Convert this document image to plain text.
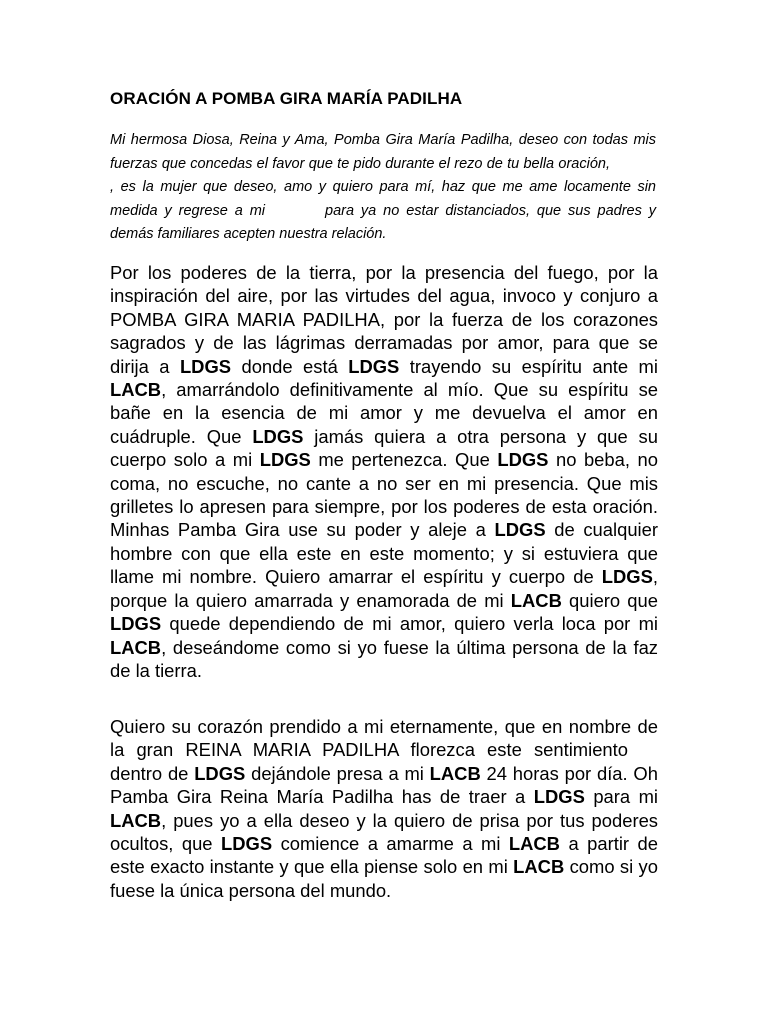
ORACIÓN A POMBA GIRA MARÍA PADILHA

Mi hermosa Diosa, Reina y Ama, Pomba Gira María Padilha, deseo con todas mis fuerzas que concedas el favor que te pido durante el rezo de tu bella oración,, es la mujer que deseo, amo y quiero para mí, haz que me ame locamente sin medida y regrese a mi	para ya no estar distanciados, que sus padres y demás familiares acepten nuestra relación.

Por los poderes de la tierra, por la presencia del fuego, por la inspiración del aire, por las virtudes del agua, invoco y conjuro a POMBA GIRA MARIA PADILHA, por la fuerza de los corazones sagrados y de las lágrimas derramadas por amor, para que se dirija a LDGS donde está LDGS trayendo su espíritu ante mi LACB, amarrándolo definitivamente al mío. Que su espíritu se bañe en la esencia de mi amor y me devuelva el amor en cuádruple. Que LDGS jamás quiera a otra persona y que su cuerpo solo a mi LDGS me pertenezca. Que LDGS no beba, no coma, no escuche, no cante a no ser en mi presencia. Que mis grilletes lo apresen para siempre, por los poderes de esta oración. Minhas Pamba Gira use su poder y aleje a LDGS de cualquier hombre con que ella este en este momento; y si estuviera que llame mi nombre. Quiero amarrar el espíritu y cuerpo de LDGS, porque la quiero amarrada y enamorada de mi LACB quiero que LDGS quede dependiendo de mi amor, quiero verla loca por mi LACB, deseándome como si yo fuese la última persona de la faz de la tierra.

Quiero su corazón prendido a mi eternamente, que en nombre de la gran REINA MARIA PADILHA florezca este sentimientodentro de LDGS dejándole presa a mi LACB 24 horas por día. Oh Pamba Gira Reina María Padilha has de traer a LDGS para mi LACB, pues yo a ella deseo y la quiero de prisa por tus poderes ocultos, que LDGS comience a amarme a mi LACB a partir de este exacto instante y que ella piense solo en mi LACB como si yo fuese la única persona del mundo.
